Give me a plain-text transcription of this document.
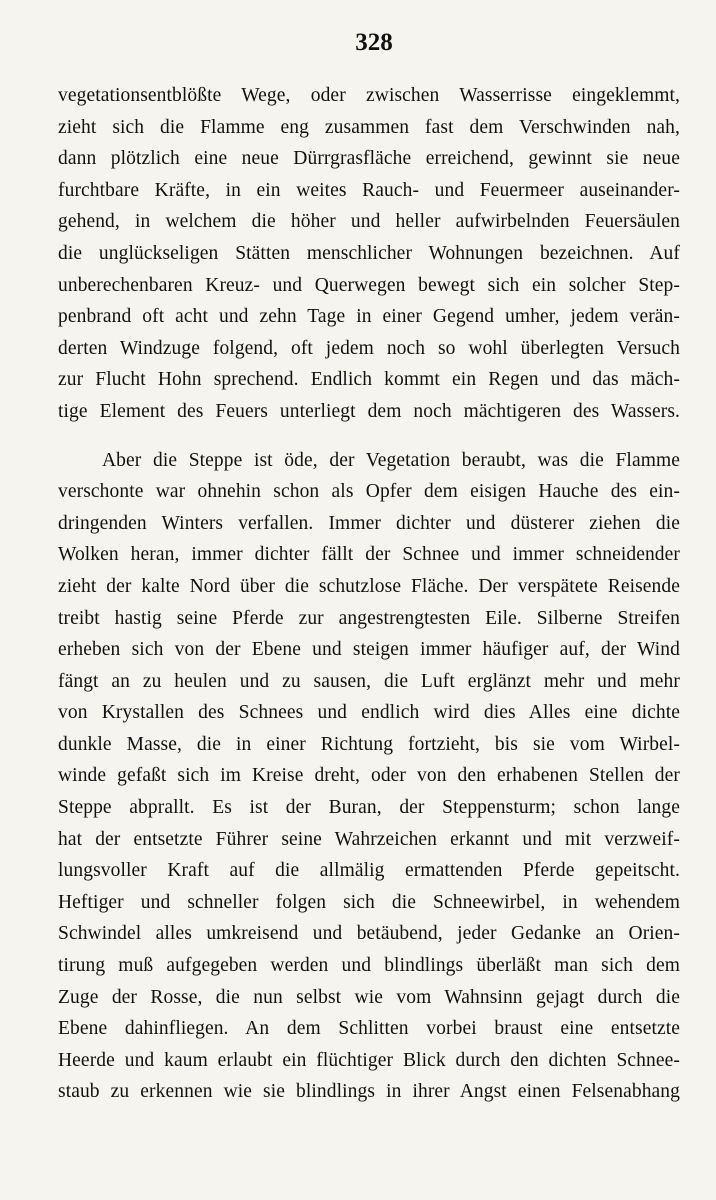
328
vegetationsentblößte Wege, oder zwischen Wasserrisse eingeklemmt,
zieht sich die Flamme eng zusammen fast dem Verschwinden nah,
dann plötzlich eine neue Dürrgrasfläche erreichend, gewinnt sie neue
furchtbare Kräfte, in ein weites Rauch- und Feuermeer auseinander-
gehend, in welchem die höher und heller aufwirbelnden Feuersäulen
die unglückseligen Stätten menschlicher Wohnungen bezeichnen. Auf
unberechenbaren Kreuz- und Querwegen bewegt sich ein solcher Step-
penbrand oft acht und zehn Tage in einer Gegend umher, jedem verän-
derten Windzuge folgend, oft jedem noch so wohl überlegten Versuch
zur Flucht Hohn sprechend. Endlich kommt ein Regen und das mäch-
tige Element des Feuers unterliegt dem noch mächtigeren des Wassers.
Aber die Steppe ist öde, der Vegetation beraubt, was die Flamme
verschonte war ohnehin schon als Opfer dem eisigen Hauche des ein-
dringenden Winters verfallen. Immer dichter und düsterer ziehen die
Wolken heran, immer dichter fällt der Schnee und immer schneidender
zieht der kalte Nord über die schutzlose Fläche. Der verspätete Reisende
treibt hastig seine Pferde zur angestrengtesten Eile. Silberne Streifen
erheben sich von der Ebene und steigen immer häufiger auf, der Wind
fängt an zu heulen und zu sausen, die Luft erglänzt mehr und mehr
von Krystallen des Schnees und endlich wird dies Alles eine dichte
dunkle Masse, die in einer Richtung fortzieht, bis sie vom Wirbel-
winde gefaßt sich im Kreise dreht, oder von den erhabenen Stellen der
Steppe abprallt. Es ist der Buran, der Steppensturm; schon lange
hat der entsetzte Führer seine Wahrzeichen erkannt und mit verzweif-
lungsvoller Kraft auf die allmälig ermattenden Pferde gepeitscht.
Heftiger und schneller folgen sich die Schneewirbel, in wehendem
Schwindel alles umkreisend und betäubend, jeder Gedanke an Orien-
tirung muß aufgegeben werden und blindlings überläßt man sich dem
Zuge der Rosse, die nun selbst wie vom Wahnsinn gejagt durch die
Ebene dahinfliegen. An dem Schlitten vorbei braust eine entsetzte
Heerde und kaum erlaubt ein flüchtiger Blick durch den dichten Schnee-
staub zu erkennen wie sie blindlings in ihrer Angst einen Felsenabhang
